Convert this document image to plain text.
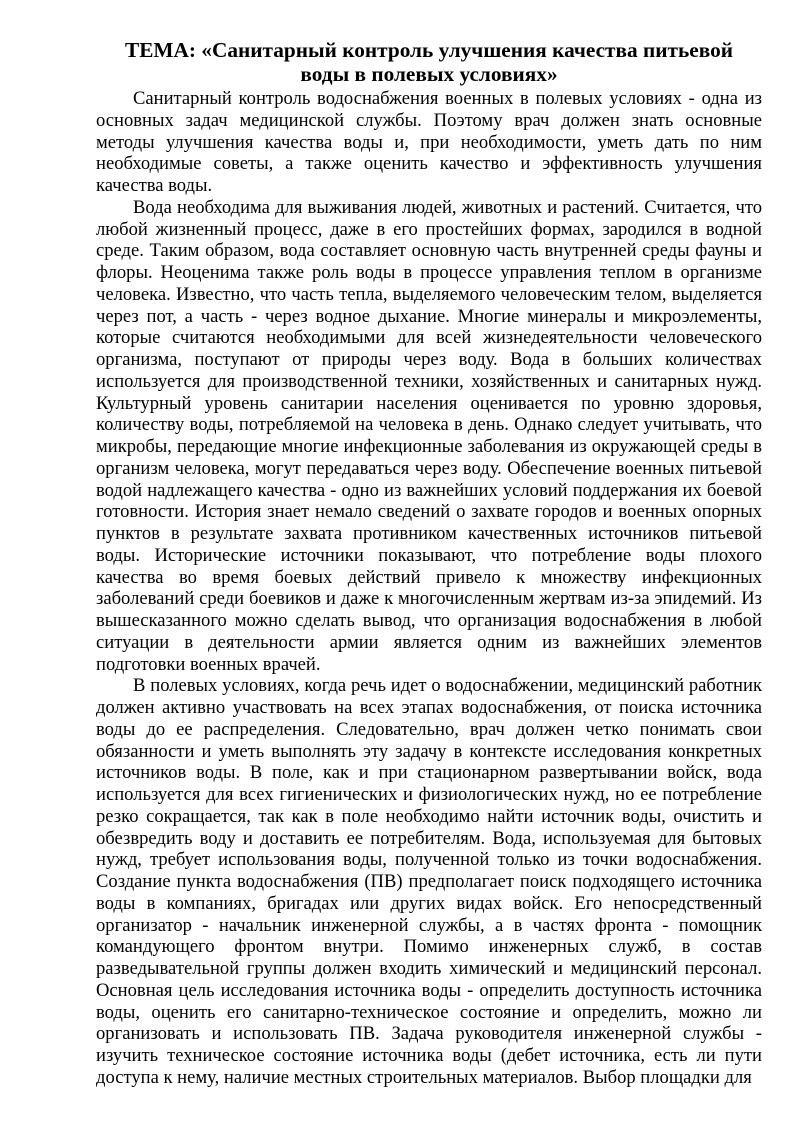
ТЕМА: «Санитарный контроль улучшения качества питьевой
воды в полевых условиях»

Санитарный контроль водоснабжения военных в полевых условиях - одна из основных задач медицинской службы. Поэтому врач должен знать основные методы улучшения качества воды и, при необходимости, уметь дать по ним необходимые советы, а также оценить качество и эффективность улучшения качества воды.

Вода необходима для выживания людей, животных и растений. Считается, что любой жизненный процесс, даже в его простейших формах, зародился в водной среде. Таким образом, вода составляет основную часть внутренней среды фауны и флоры. Неоценима также роль воды в процессе управления теплом в организме человека. Известно, что часть тепла, выделяемого человеческим телом, выделяется через пот, а часть - через водное дыхание. Многие минералы и микроэлементы, которые считаются необходимыми для всей жизнедеятельности человеческого организма, поступают от природы через воду. Вода в больших количествах используется для производственной техники, хозяйственных и санитарных нужд. Культурный уровень санитарии населения оценивается по уровню здоровья, количеству воды, потребляемой на человека в день. Однако следует учитывать, что микробы, передающие многие инфекционные заболевания из окружающей среды в организм человека, могут передаваться через воду. Обеспечение военных питьевой водой надлежащего качества - одно из важнейших условий поддержания их боевой готовности. История знает немало сведений о захвате городов и военных опорных пунктов в результате захвата противником качественных источников питьевой воды. Исторические источники показывают, что потребление воды плохого качества во время боевых действий привело к множеству инфекционных заболеваний среди боевиков и даже к многочисленным жертвам из-за эпидемий. Из вышесказанного можно сделать вывод, что организация водоснабжения в любой ситуации в деятельности армии является одним из важнейших элементов подготовки военных врачей.

В полевых условиях, когда речь идет о водоснабжении, медицинский работник должен активно участвовать на всех этапах водоснабжения, от поиска источника воды до ее распределения. Следовательно, врач должен четко понимать свои обязанности и уметь выполнять эту задачу в контексте исследования конкретных источников воды. В поле, как и при стационарном развертывании войск, вода используется для всех гигиенических и физиологических нужд, но ее потребление резко сокращается, так как в поле необходимо найти источник воды, очистить и обезвредить воду и доставить ее потребителям. Вода, используемая для бытовых нужд, требует использования воды, полученной только из точки водоснабжения. Создание пункта водоснабжения (ПВ) предполагает поиск подходящего источника воды в компаниях, бригадах или других видах войск. Его непосредственный организатор - начальник инженерной службы, а в частях фронта - помощник командующего фронтом внутри. Помимо инженерных служб, в состав разведывательной группы должен входить химический и медицинский персонал. Основная цель исследования источника воды - определить доступность источника воды, оценить его санитарно-техническое состояние и определить, можно ли организовать и использовать ПВ. Задача руководителя инженерной службы - изучить техническое состояние источника воды (дебет источника, есть ли пути доступа к нему, наличие местных строительных материалов. Выбор площадки для
